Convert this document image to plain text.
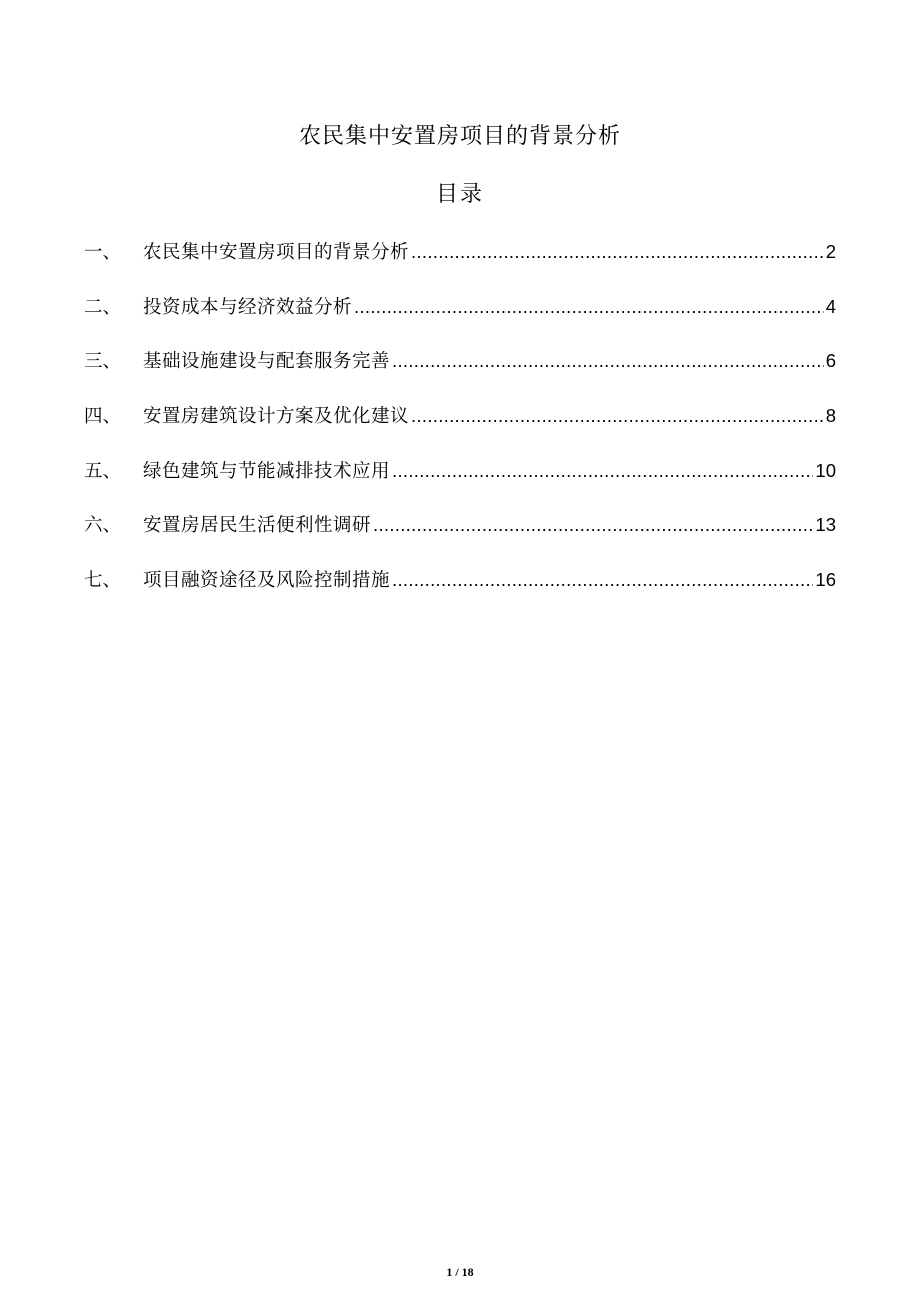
农民集中安置房项目的背景分析
目录
一、	农民集中安置房项目的背景分析 .....	2
二、	投资成本与经济效益分析 .....	4
三、	基础设施建设与配套服务完善 .....	6
四、	安置房建筑设计方案及优化建议 .....	8
五、	绿色建筑与节能减排技术应用 .....	10
六、	安置房居民生活便利性调研 .....	13
七、	项目融资途径及风险控制措施 .....	16
1 / 18
